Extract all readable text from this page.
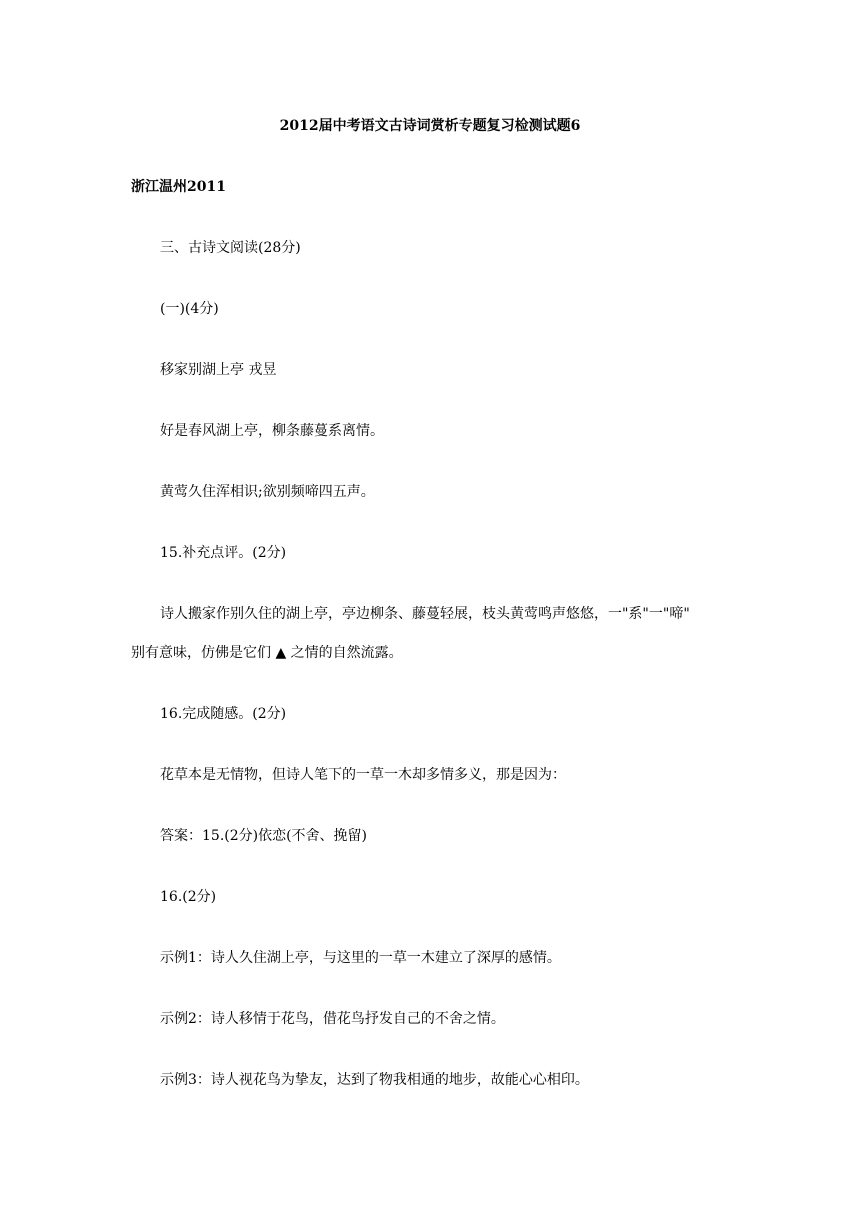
2012届中考语文古诗词赏析专题复习检测试题6
浙江温州2011
三、古诗文阅读(28分)
(一)(4分)
移家别湖上亭 戎昱
好是春风湖上亭，柳条藤蔓系离情。
黄莺久住浑相识;欲别频啼四五声。
15.补充点评。(2分)
诗人搬家作别久住的湖上亭，亭边柳条、藤蔓轻展，枝头黄莺鸣声悠悠，一"系"一"啼"
别有意味，仿佛是它们 ▲ 之情的自然流露。
16.完成随感。(2分)
花草本是无情物，但诗人笔下的一草一木却多情多义，那是因为：
答案：15.(2分)依恋(不舍、挽留)
16.(2分)
示例1：诗人久住湖上亭，与这里的一草一木建立了深厚的感情。
示例2：诗人移情于花鸟，借花鸟抒发自己的不舍之情。
示例3：诗人视花鸟为挚友，达到了物我相通的地步，故能心心相印。
